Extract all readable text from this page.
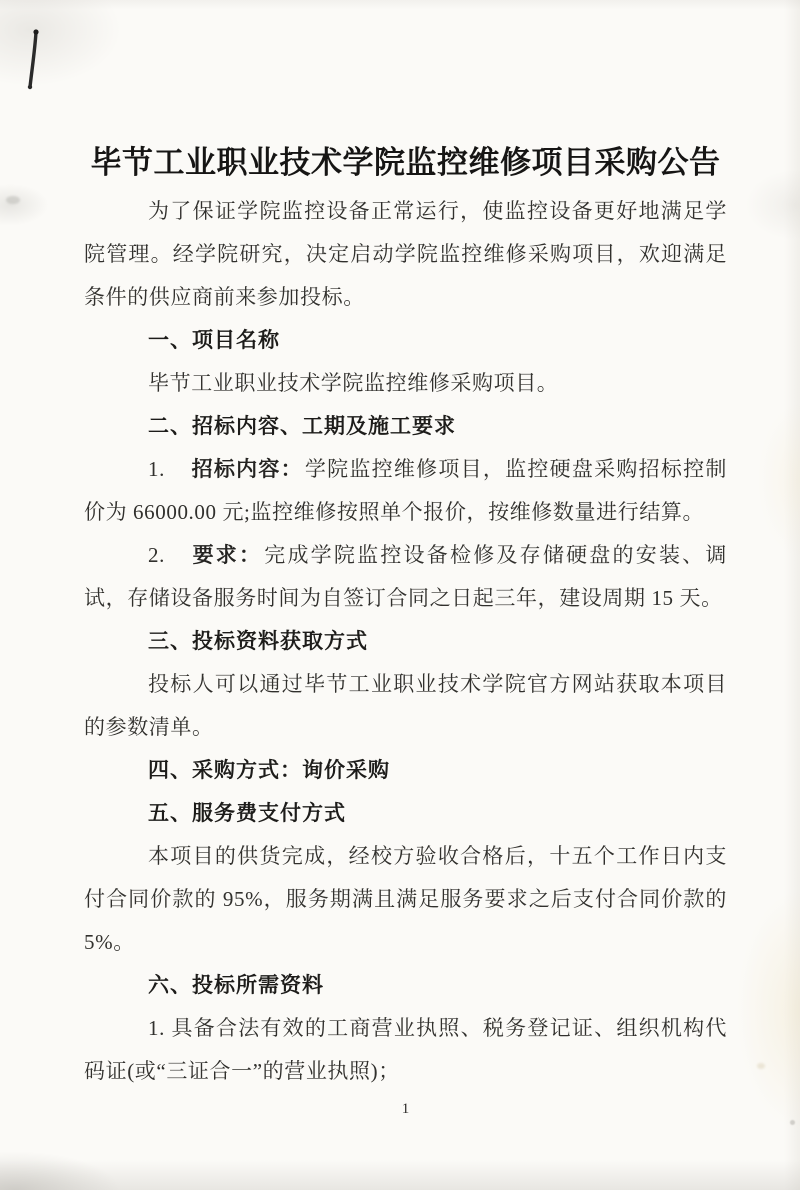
毕节工业职业技术学院监控维修项目采购公告

为了保证学院监控设备正常运行，使监控设备更好地满足学院管理。经学院研究，决定启动学院监控维修采购项目，欢迎满足条件的供应商前来参加投标。

一、项目名称

毕节工业职业技术学院监控维修采购项目。

二、招标内容、工期及施工要求

1. 招标内容：学院监控维修项目，监控硬盘采购招标控制价为 66000.00 元;监控维修按照单个报价，按维修数量进行结算。

2. 要求：完成学院监控设备检修及存储硬盘的安装、调试，存储设备服务时间为自签订合同之日起三年，建设周期 15 天。

三、投标资料获取方式

投标人可以通过毕节工业职业技术学院官方网站获取本项目的参数清单。

四、采购方式：询价采购

五、服务费支付方式

本项目的供货完成，经校方验收合格后，十五个工作日内支付合同价款的 95%，服务期满且满足服务要求之后支付合同价款的 5%。

六、投标所需资料

1. 具备合法有效的工商营业执照、税务登记证、组织机构代码证(或“三证合一”的营业执照)；

1
